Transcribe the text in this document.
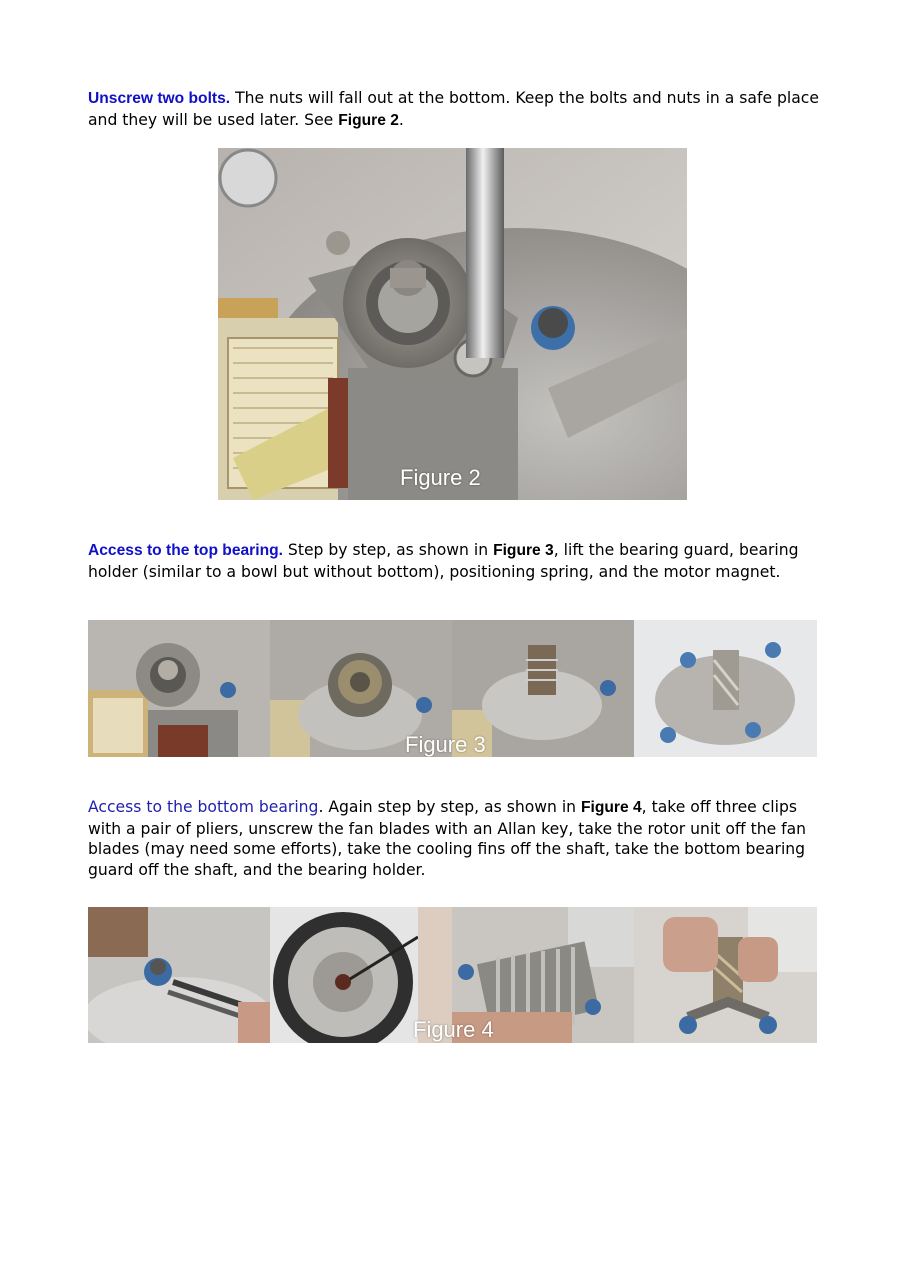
Unscrew two bolts. The nuts will fall out at the bottom. Keep the bolts and nuts in a safe place and they will be used later. See Figure 2.

Figure 2

Access to the top bearing. Step by step, as shown in Figure 3, lift the bearing guard, bearing holder (similar to a bowl but without bottom), positioning spring, and the motor magnet.

Figure 3

Access to the bottom bearing. Again step by step, as shown in Figure 4, take off three clips with a pair of pliers, unscrew the fan blades with an Allan key, take the rotor unit off the fan blades (may need some efforts), take the cooling fins off the shaft, take the bottom bearing guard off the shaft, and the bearing holder.

Figure 4
